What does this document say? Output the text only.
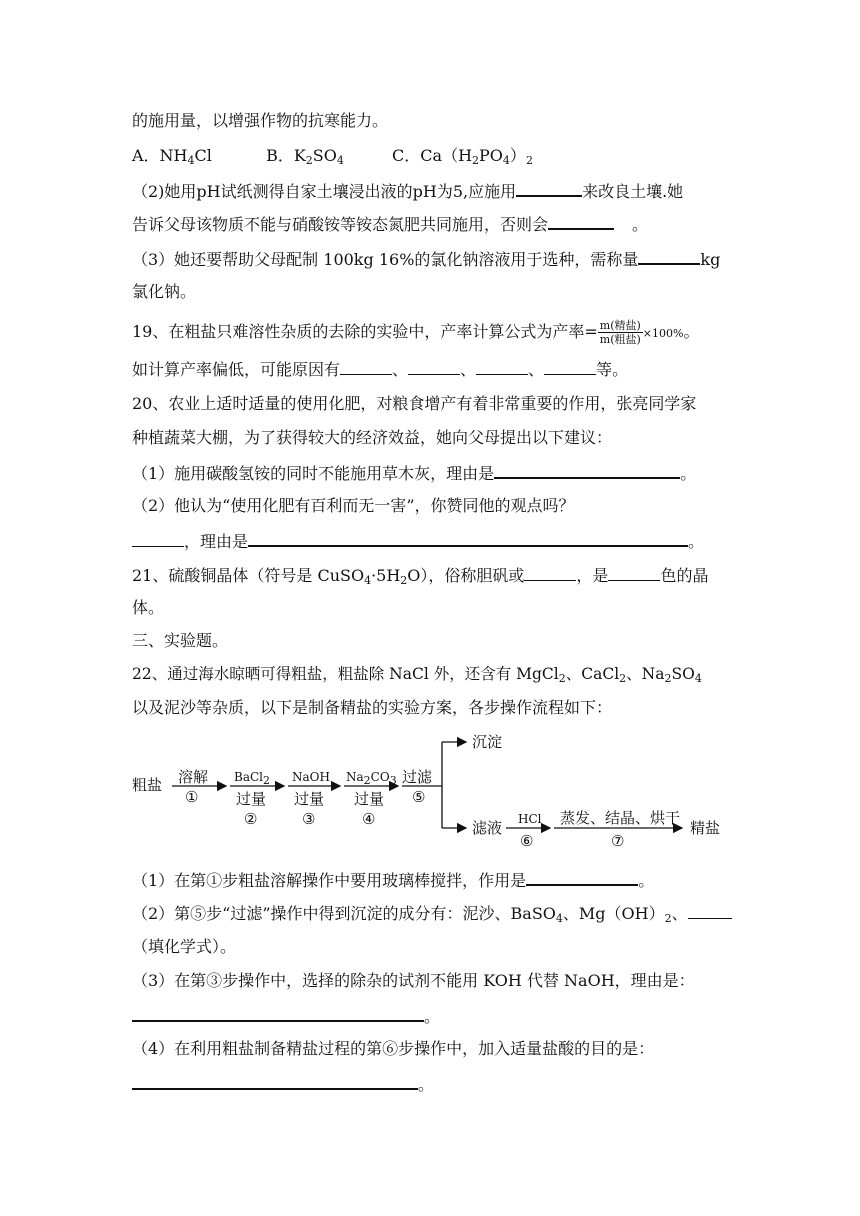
的施用量，以增强作物的抗寒能力。
A．$NH_4Cl$	B．$K_2SO_4$	C．$Ca(H_2PO_4)_2$
（2)她用pH试纸测得自家土壤浸出液的pH为5,应施用	来改良土壤.她
告诉父母该物质不能与硝酸铵等铵态氮肥共同施用，否则会	。
（3）她还要帮助父母配制 100kg 16%的氯化钠溶液用于选种，需称量	kg
氯化钠。
19、在粗盐只难溶性杂质的去除的实验中，产率计算公式为产率= $\frac{\text{m(精盐)}}{\text{m(粗盐)}} \times 100\%$。
如计算产率偏低，可能原因有	、	、	、	等。
20、农业上适时适量的使用化肥，对粮食增产有着非常重要的作用，张亮同学家
种植蔬菜大棚，为了获得较大的经济效益，她向父母提出以下建议：
（1）施用碳酸氢铵的同时不能施用草木灰，理由是	。
（2）他认为“使用化肥有百利而无一害”，你赞同他的观点吗？
，理由是	。
21、硫酸铜晶体（符号是 $CuSO_4\cdot 5H_2O$），俗称胆矾或	，是	色的晶
体。
三、实验题。
22、通过海水晾晒可得粗盐，粗盐除 NaCl 外，还含有 MgCl$_2$、CaCl$_2$、$Na_2SO_4$
以及泥沙等杂质，以下是制备精盐的实验方案，各步操作流程如下：
粗盐 溶解
①
BaCl$_2$
过量
②
NaOH
过量
③
$Na_2CO_3$
过量
④
过滤
⑤
沉淀
滤液 HCl
⑥
蒸发、结晶、烘干
⑦
精盐
（1）在第①步粗盐溶解操作中要用玻璃棒搅拌，作用是	。
（2）第⑤步“过滤”操作中得到沉淀的成分有：泥沙、BaSO$_4$、$Mg(OH)_2$、
（填化学式）。
（3）在第③步操作中，选择的除杂的试剂不能用 KOH 代替 NaOH，理由是：
。
（4）在利用粗盐制备精盐过程的第⑥步操作中，加入适量盐酸的目的是：
。
